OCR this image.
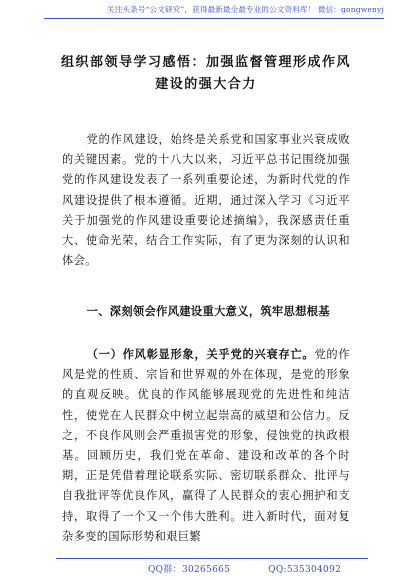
关注头条号“公文研究”，获得最新最全最专业的公文资料库！ 微信：gongwenyj
组织部领导学习感悟：加强监督管理形成作风建设的强大合力
党的作风建设，始终是关系党和国家事业兴衰成败的关键因素。党的十八大以来，习近平总书记围绕加强党的作风建设发表了一系列重要论述，为新时代党的作风建设提供了根本遵循。近期，通过深入学习《习近平关于加强党的作风建设重要论述摘编》，我深感责任重大、使命光荣，结合工作实际，有了更为深刻的认识和体会。
一、深刻领会作风建设重大意义，筑牢思想根基
（一）作风彰显形象，关乎党的兴衰存亡。党的作风是党的性质、宗旨和世界观的外在体现，是党的形象的直观反映。优良的作风能够展现党的先进性和纯洁性，使党在人民群众中树立起崇高的威望和公信力。反之，不良作风则会严重损害党的形象，侵蚀党的执政根基。回顾历史，我们党在革命、建设和改革的各个时期，正是凭借着理论联系实际、密切联系群众、批评与自我批评等优良作风，赢得了人民群众的衷心拥护和支持，取得了一个又一个伟大胜利。进入新时代，面对复杂多变的国际形势和艰巨繁
QQ群：30265665	QQ:535304092
